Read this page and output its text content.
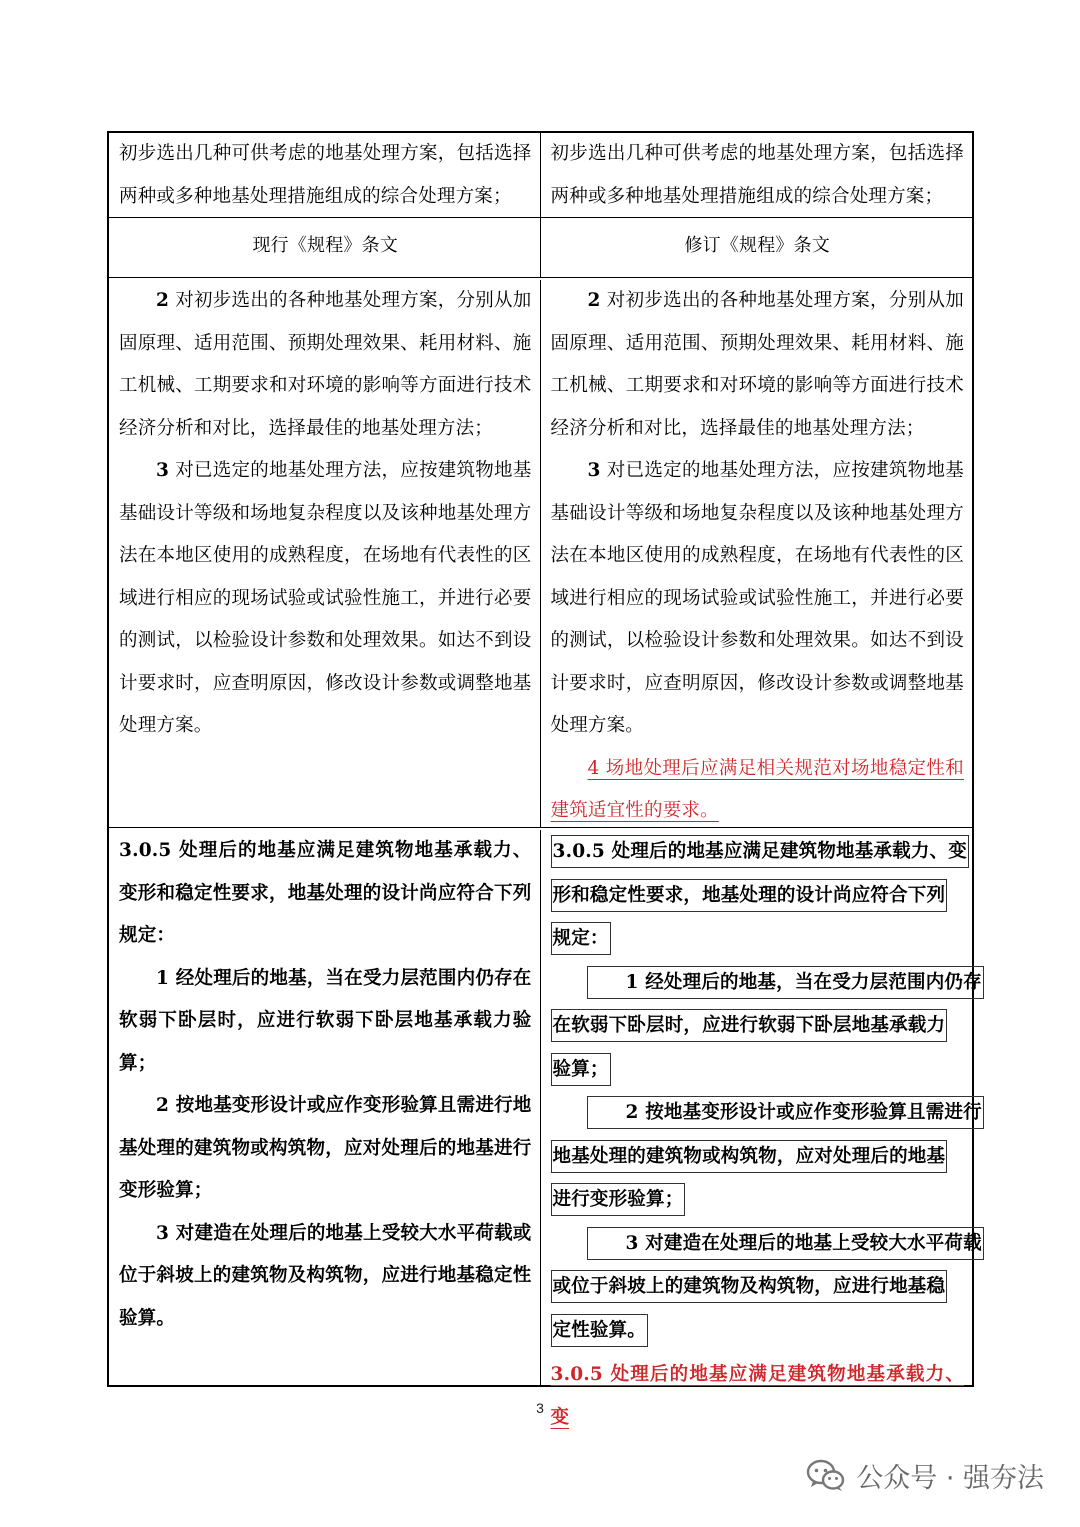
初步选出几种可供考虑的地基处理方案，包括选择两种或多种地基处理措施组成的综合处理方案；

初步选出几种可供考虑的地基处理方案，包括选择两种或多种地基处理措施组成的综合处理方案；

现行《规程》条文	修订《规程》条文

2 对初步选出的各种地基处理方案，分别从加固原理、适用范围、预期处理效果、耗用材料、施工机械、工期要求和对环境的影响等方面进行技术经济分析和对比，选择最佳的地基处理方法；

3 对已选定的地基处理方法，应按建筑物地基基础设计等级和场地复杂程度以及该种地基处理方法在本地区使用的成熟程度，在场地有代表性的区域进行相应的现场试验或试验性施工，并进行必要的测试，以检验设计参数和处理效果。如达不到设计要求时，应查明原因，修改设计参数或调整地基处理方案。

2 对初步选出的各种地基处理方案，分别从加固原理、适用范围、预期处理效果、耗用材料、施工机械、工期要求和对环境的影响等方面进行技术经济分析和对比，选择最佳的地基处理方法；

3 对已选定的地基处理方法，应按建筑物地基基础设计等级和场地复杂程度以及该种地基处理方法在本地区使用的成熟程度，在场地有代表性的区域进行相应的现场试验或试验性施工，并进行必要的测试，以检验设计参数和处理效果。如达不到设计要求时，应查明原因，修改设计参数或调整地基处理方案。

4 场地处理后应满足相关规范对场地稳定性和建筑适宜性的要求。

3.0.5 处理后的地基应满足建筑物地基承载力、变形和稳定性要求，地基处理的设计尚应符合下列规定：

1 经处理后的地基，当在受力层范围内仍存在软弱下卧层时，应进行软弱下卧层地基承载力验算；

2 按地基变形设计或应作变形验算且需进行地基处理的建筑物或构筑物，应对处理后的地基进行变形验算；

3 对建造在处理后的地基上受较大水平荷载或位于斜坡上的建筑物及构筑物，应进行地基稳定性验算。

3.0.5 处理后的地基应满足建筑物地基承载力、变
形和稳定性要求，地基处理的设计尚应符合下列
规定：
1 经处理后的地基，当在受力层范围内仍存
在软弱下卧层时，应进行软弱下卧层地基承载力
验算；
2 按地基变形设计或应作变形验算且需进行
地基处理的建筑物或构筑物，应对处理后的地基
进行变形验算；
3 对建造在处理后的地基上受较大水平荷载
或位于斜坡上的建筑物及构筑物，应进行地基稳
定性验算。

3.0.5 处理后的地基应满足建筑物地基承载力、变

3
公众号 · 强夯法
